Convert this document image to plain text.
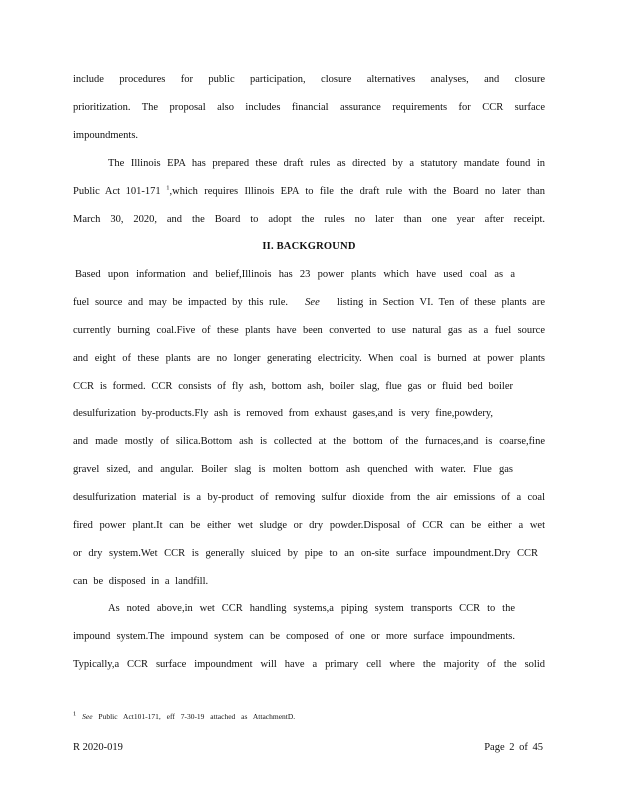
include procedures for public participation, closure alternatives analyses, and closure
prioritization. The proposal also includes financial assurance requirements for CCR surface
impoundments.
The Illinois EPA has prepared these draft rules as directed by a statutory mandate found in
Public Act 101-171 $^1$ ,which requires Illinois EPA to file the draft rule with the Board no later than
March 30, 2020, and the Board to adopt the rules no later than one year after receipt.
II. BACKGROUND
Based upon information and belief,Illinois has 23 power plants which have used coal as a
fuel source and may be impacted by this rule. See listing in Section VI. Ten of these plants are
currently burning coal.Five of these plants have been converted to use natural gas as a fuel source
and eight of these plants are no longer generating electricity. When coal is burned at power plants
CCR is formed. CCR consists of fly ash, bottom ash, boiler slag, flue gas or fluid bed boiler
desulfurization by-products.Fly ash is removed from exhaust gases,and is very fine,powdery,
and made mostly of silica.Bottom ash is collected at the bottom of the furnaces,and is coarse,fine
gravel sized, and angular. Boiler slag is molten bottom ash quenched with water. Flue gas
desulfurization material is a by-product of removing sulfur dioxide from the air emissions of a coal
fired power plant.It can be either wet sludge or dry powder.Disposal of CCR can be either a wet
or dry system.Wet CCR is generally sluiced by pipe to an on-site surface impoundment.Dry CCR
can be disposed in a landfill.
As noted above,in wet CCR handling systems,a piping system transports CCR to the
impound system.The impound system can be composed of one or more surface impoundments.
Typically,a CCR surface impoundment will have a primary cell where the majority of the solid
1 See Public Act101-171, eff 7-30-19 attached as AttachmentD.
R 2020-019	Page 2 of 45
